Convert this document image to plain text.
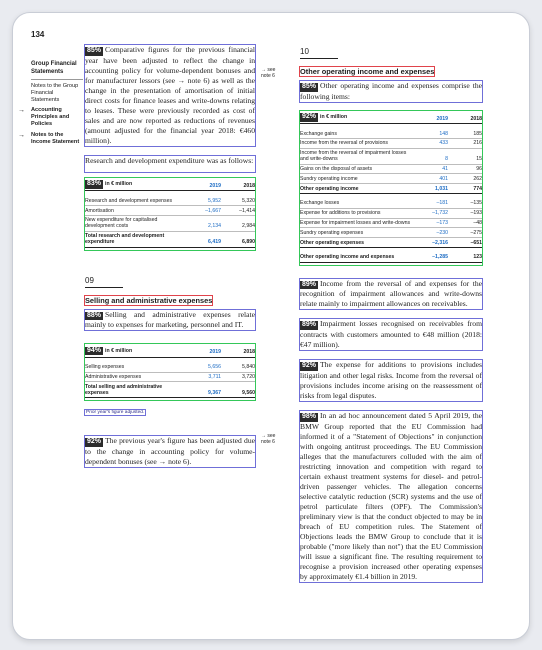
134
Group Financial Statements
Notes to the Group Financial Statements
→ Accounting Principles and Policies
→ Notes to the Income Statement
85% Comparative figures for the previous financial year have been adjusted to reflect the change in accounting policy for volume-dependent bonuses and for manufacturer lessors (see → note 6) as well as the change in the presentation of amortisation of initial direct costs for finance leases and write-downs relating to leases. These were previously recorded as cost of sales and are now reported as reductions of revenues (amount adjusted for the financial year 2018: €460 million).
Research and development expenditure was as follows:
83% in € million	2019	2018

Research and development expenses	5,952	5,320
Amortisation	–1,667	–1,414
New expenditure for capitalised development costs	2,134	2,984
Total research and development expenditure	6,419	6,890
09
Selling and administrative expenses
88% Selling and administrative expenses relate mainly to expenses for marketing, personnel and IT.
94% in € million	2019	2018

Selling expenses	5,656	5,840
Administrative expenses	3,711	3,720
Total selling and administrative expenses	9,367	9,560
Prior year's figure adjusted.
92% The previous year's figure has been adjusted due to the change in accounting policy for volume-dependent bonuses (see → note 6).
→ see note 6
→ see note 6
10
Other operating income and expenses
85% Other operating income and expenses comprise the following items:
92% in € million	2019	2018

Exchange gains	148	185
Income from the reversal of provisions	433	216
Income from the reversal of impairment losses and write-downs	8	15
Gains on the disposal of assets	41	96
Sundry operating income	401	262
Other operating income	1,031	774

Exchange losses	–181	–135
Expense for additions to provisions	–1,732	–193
Expense for impairment losses and write-downs	–173	–48
Sundry operating expenses	–230	–275
Other operating expenses	–2,316	–651

Other operating income and expenses	–1,285	123
89% Income from the reversal of and expenses for the recognition of impairment allowances and write-downs relate mainly to impairment allowances on receivables.
89% Impairment losses recognised on receivables from contracts with customers amounted to €48 million (2018: €47 million).
92% The expense for additions to provisions includes litigation and other legal risks. Income from the reversal of provisions includes income arising on the reassessment of risks from legal disputes.
98% In an ad hoc announcement dated 5 April 2019, the BMW Group reported that the EU Commission had informed it of a "Statement of Objections" in conjunction with ongoing antitrust proceedings. The EU Commission alleges that the manufacturers colluded with the aim of restricting innovation and competition with regard to certain exhaust treatment systems for diesel- and petrol-driven passenger vehicles. The allegation concerns selective catalytic reduction (SCR) systems and the use of petrol particulate filters (OPF). The Commission's preliminary view is that the conduct objected to may be in breach of EU competition rules. The Statement of Objections leads the BMW Group to conclude that it is probable ("more likely than not") that the EU Commission will issue a significant fine. The resulting requirement to recognise a provision increased other operating expenses by approximately €1.4 billion in 2019.
